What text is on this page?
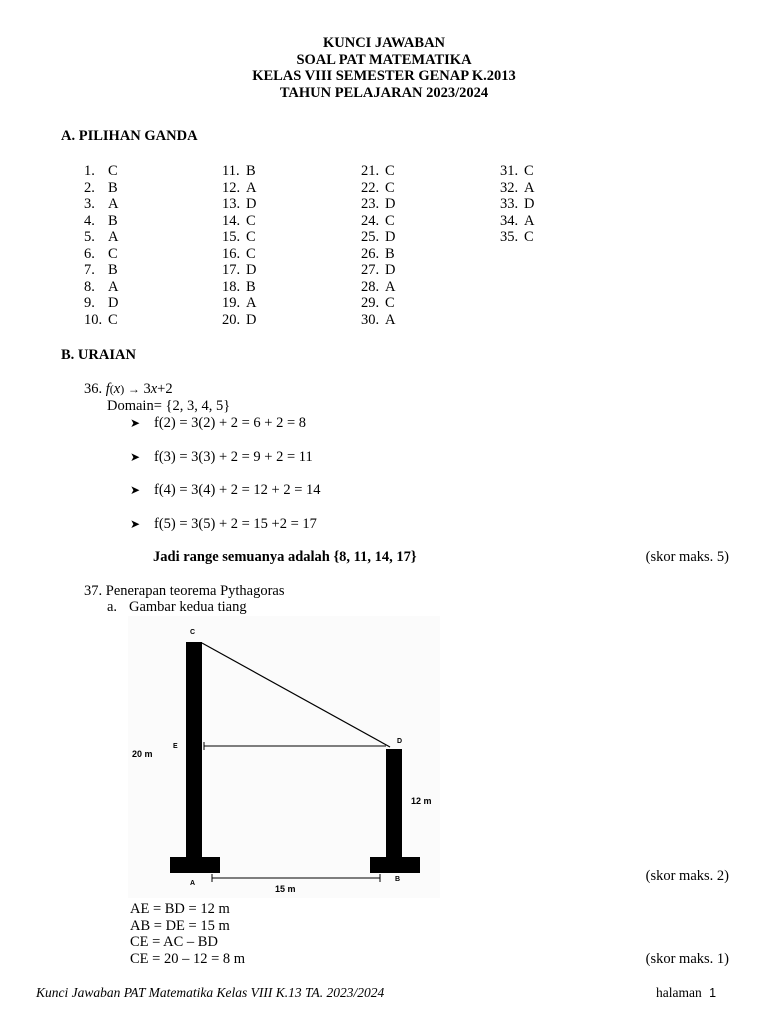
KUNCI JAWABAN
SOAL PAT MATEMATIKA
KELAS VIII SEMESTER GENAP K.2013
TAHUN PELAJARAN 2023/2024
A. PILIHAN GANDA
1. C
2. B
3. A
4. B
5. A
6. C
7. B
8. A
9. D
10. C
11. B
12. A
13. D
14. C
15. C
16. C
17. D
18. B
19. A
20. D
21. C
22. C
23. D
24. C
25. D
26. B
27. D
28. A
29. C
30. A
31. C
32. A
33. D
34. A
35. C
B. URAIAN
36. f(x) → 3x+2
Domain= {2, 3, 4, 5}
➤ f(2) = 3(2) + 2 = 6 + 2 = 8
➤ f(3) = 3(3) + 2 = 9 + 2 = 11
➤ f(4) = 3(4) + 2 = 12 + 2 = 14
➤ f(5) = 3(5) + 2 = 15 +2 = 17
Jadi range semuanya adalah {8, 11, 14, 17}	(skor maks. 5)
37. Penerapan teorema Pythagoras
a. Gambar kedua tiang
C
E
D
A
B
20 m
12 m
15 m
(skor maks. 2)
AE = BD = 12 m
AB = DE = 15 m
CE = AC – BD
CE = 20 – 12 = 8 m	(skor maks. 1)
Kunci Jawaban PAT Matematika Kelas VIII K.13 TA. 2023/2024	halaman 1
